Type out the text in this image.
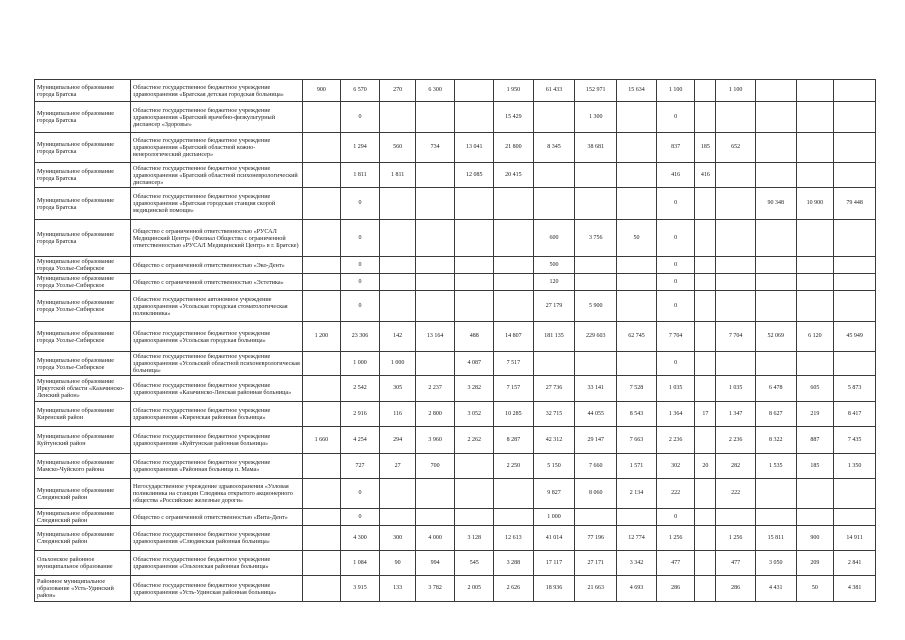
Муниципальное образование города Братска	Областное государственное бюджетное учреждение здравоохранения «Братская детская городская больница»	900	6 570	270	6 300		1 950	61 433	152 971	15 634	1 100		1 100			
Муниципальное образование города Братска	Областное государственное бюджетное учреждение здравоохранения «Братский врачебно-физкультурный диспансер «Здоровье»		0				15 429		1 300		0					
Муниципальное образование города Братска	Областное государственное бюджетное учреждение здравоохранения «Братский областной кожно-венерологический диспансер»		1 294	560	734	13 041	21 800	8 345	38 681		837	185	652			
Муниципальное образование города Братска	Областное государственное бюджетное учреждение здравоохранения «Братский областной психоневрологический диспансер»		1 811	1 811		12 085	20 415				416	416				
Муниципальное образование города Братска	Областное государственное бюджетное учреждение здравоохранения «Братская городская станция скорой медицинской помощи»		0								0			90 348	10 900	79 448
Муниципальное образование города Братска	Общество с ограниченной ответственностью «РУСАЛ Медицинский Центр» (Филиал Общества с ограниченной ответственностью «РУСАЛ Медицинский Центр» в г. Братске)		0					600	3 756	50	0					
Муниципальное образование города Усолье-Сибирское	Общество с ограниченной ответственностью «Эко-Дент»		0					500			0					
Муниципальное образование города Усолье-Сибирское	Общество с ограниченной ответственностью «Эстетика»		0					120			0					
Муниципальное образование города Усолье-Сибирское	Областное государственное автономное учреждение здравоохранения «Усольская городская стоматологическая поликлиника»		0					27 179	5 900		0					
Муниципальное образование города Усолье-Сибирское	Областное государственное бюджетное учреждение здравоохранения «Усольская городская больница»	1 200	23 306	142	13 164	488	14 807	181 135	229 603	62 745	7 704		7 704	52 069	6 120	45 949
Муниципальное образование города Усолье-Сибирское	Областное государственное бюджетное учреждение здравоохранения «Усольский областной психоневрологическая больница»		1 000	1 000		4 087	7 517				0					
Муниципальное образование Иркутской области «Казачинско-Ленский район»	Областное государственное бюджетное учреждение здравоохранения «Казачинско-Ленская районная больница»		2 542	305	2 237	3 282	7 157	27 736	33 141	7 528	1 035		1 035	6 478	605	5 873
Муниципальное образование Киренский район	Областное государственное бюджетное учреждение здравоохранения «Киренская районная больница»		2 916	116	2 800	3 052	10 285	32 715	44 055	8 543	1 364	17	1 347	8 627	219	8 417
Муниципальное образование Куйтунский район	Областное государственное бюджетное учреждение здравоохранения «Куйтунская районная больница»	1 660	4 254	294	3 960	2 262	8 287	42 312	29 147	7 663	2 236		2 236	8 322	887	7 435
Муниципальное образование Мамско-Чуйского района	Областное государственное бюджетное учреждение здравоохранения «Районная больница п. Мама»		727	27	700		2 250	5 150	7 660	1 571	302	20	282	1 535	185	1 350
Муниципальное образование Слюдянский район	Негосударственное учреждение здравоохранения «Узловая поликлиника на станции Слюдянка открытого акционерного общества «Российские железные дороги»		0					9 827	8 060	2 134	222		222			
Муниципальное образование Слюдянский район	Общество с ограниченной ответственностью «Вита-Дент»		0					1 000			0					
Муниципальное образование Слюдянский район	Областное государственное бюджетное учреждение здравоохранения «Слюдянская районная больница»		4 300	300	4 000	3 128	12 613	41 014	77 196	12 774	1 256		1 256	15 811	900	14 911
Ольхонское районное муниципальное образование	Областное государственное бюджетное учреждение здравоохранения «Ольхонская районная больница»		1 084	90	994	545	3 288	17 117	27 171	3 342	477		477	3 050	209	2 841
Районное муниципальное образование «Усть-Удинский район»	Областное государственное бюджетное учреждение здравоохранения «Усть-Удинская районная больница»		3 915	133	3 782	2 005	2 626	18 936	21 663	4 693	286		286	4 431	50	4 381
